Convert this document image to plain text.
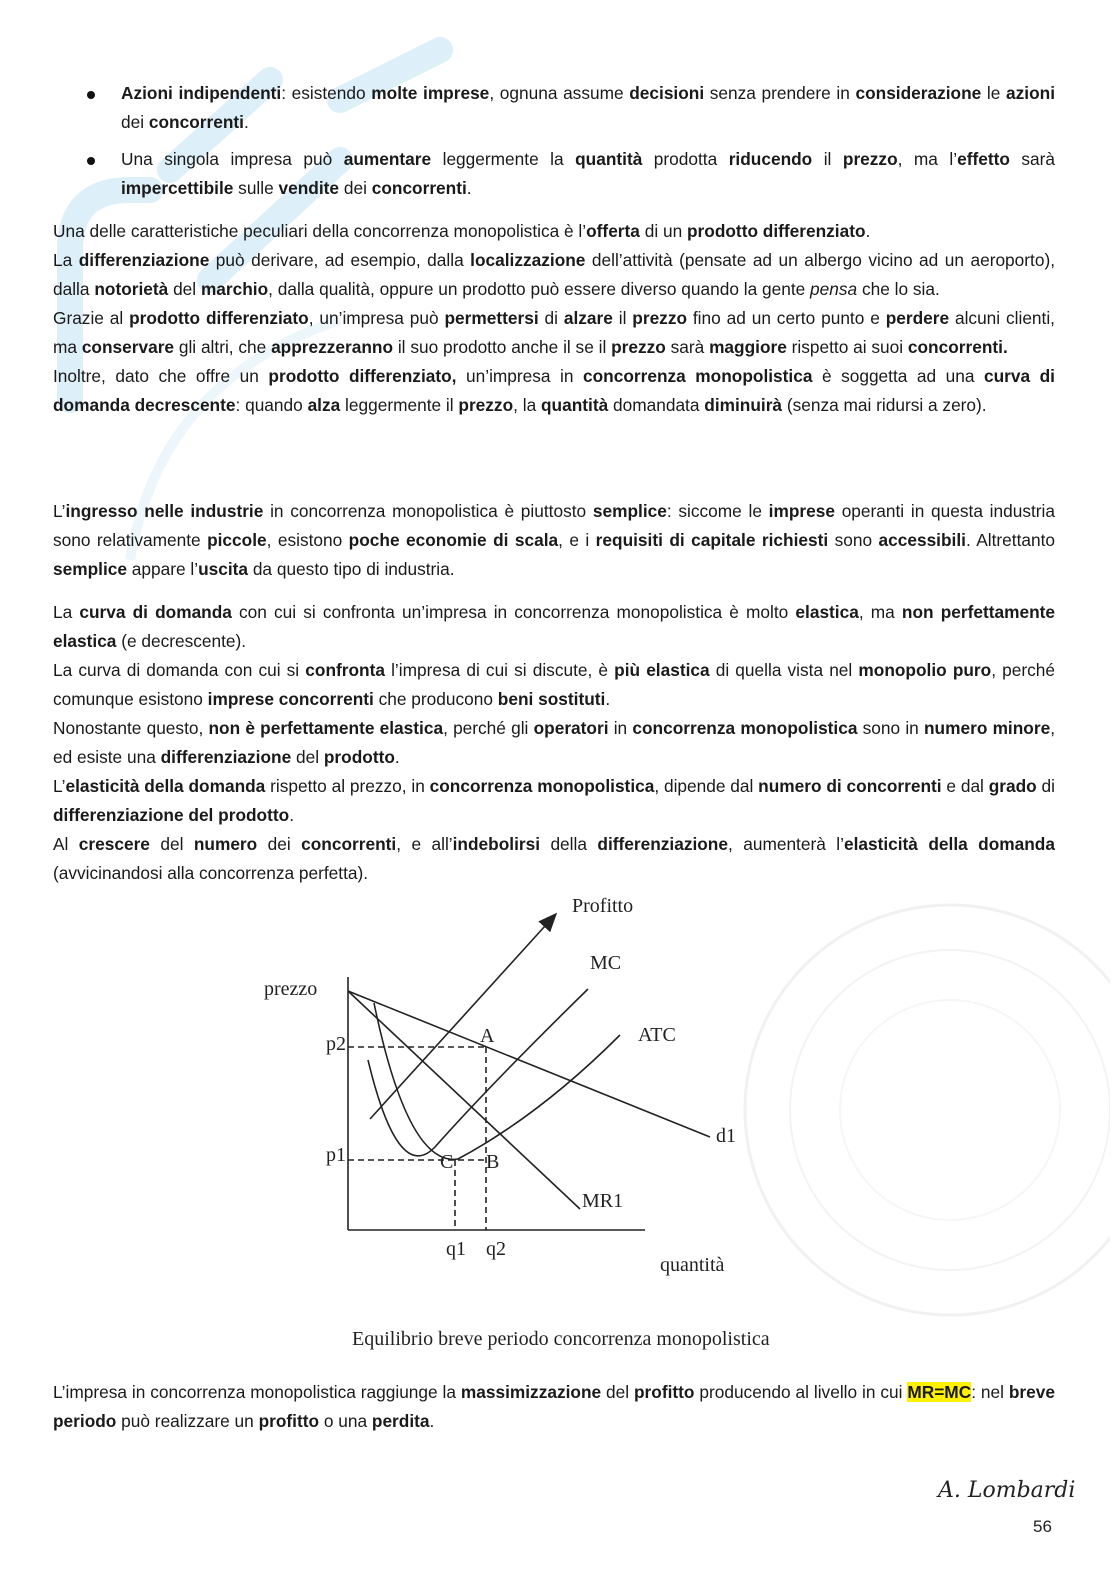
Azioni indipendenti: esistendo molte imprese, ognuna assume decisioni senza prendere in considerazione le azioni dei concorrenti.
Una singola impresa può aumentare leggermente la quantità prodotta riducendo il prezzo, ma l’effetto sarà impercettibile sulle vendite dei concorrenti.

Una delle caratteristiche peculiari della concorrenza monopolistica è l’offerta di un prodotto differenziato.

La differenziazione può derivare, ad esempio, dalla localizzazione dell’attività (pensate ad un albergo vicino ad un aeroporto), dalla notorietà del marchio, dalla qualità, oppure un prodotto può essere diverso quando la gente pensa che lo sia.

Grazie al prodotto differenziato, un’impresa può permettersi di alzare il prezzo fino ad un certo punto e perdere alcuni clienti, ma conservare gli altri, che apprezzeranno il suo prodotto anche il se il prezzo sarà maggiore rispetto ai suoi concorrenti.

Inoltre, dato che offre un prodotto differenziato, un’impresa in concorrenza monopolistica è soggetta ad una curva di domanda decrescente: quando alza leggermente il prezzo, la quantità domandata diminuirà (senza mai ridursi a zero).

L’ingresso nelle industrie in concorrenza monopolistica è piuttosto semplice: siccome le imprese operanti in questa industria sono relativamente piccole, esistono poche economie di scala, e i requisiti di capitale richiesti sono accessibili. Altrettanto semplice appare l’uscita da questo tipo di industria.

La curva di domanda con cui si confronta un’impresa in concorrenza monopolistica è molto elastica, ma non perfettamente elastica (e decrescente).

La curva di domanda con cui si confronta l’impresa di cui si discute, è più elastica di quella vista nel monopolio puro, perché comunque esistono imprese concorrenti che producono beni sostituti.

Nonostante questo, non è perfettamente elastica, perché gli operatori in concorrenza monopolistica sono in numero minore, ed esiste una differenziazione del prodotto.

L’elasticità della domanda rispetto al prezzo, in concorrenza monopolistica, dipende dal numero di concorrenti e dal grado di differenziazione del prodotto.

Al crescere del numero dei concorrenti, e all’indebolirsi della differenziazione, aumenterà l’elasticità della domanda (avvicinandosi alla concorrenza perfetta).

Profitto
MC
ATC
prezzo
p2
p1
A
C B
d1
MR1
q1 q2
quantità
Equilibrio breve periodo concorrenza monopolistica

L’impresa in concorrenza monopolistica raggiunge la massimizzazione del profitto producendo al livello in cui MR=MC: nel breve periodo può realizzare un profitto o una perdita.

A. Lombardi
56
